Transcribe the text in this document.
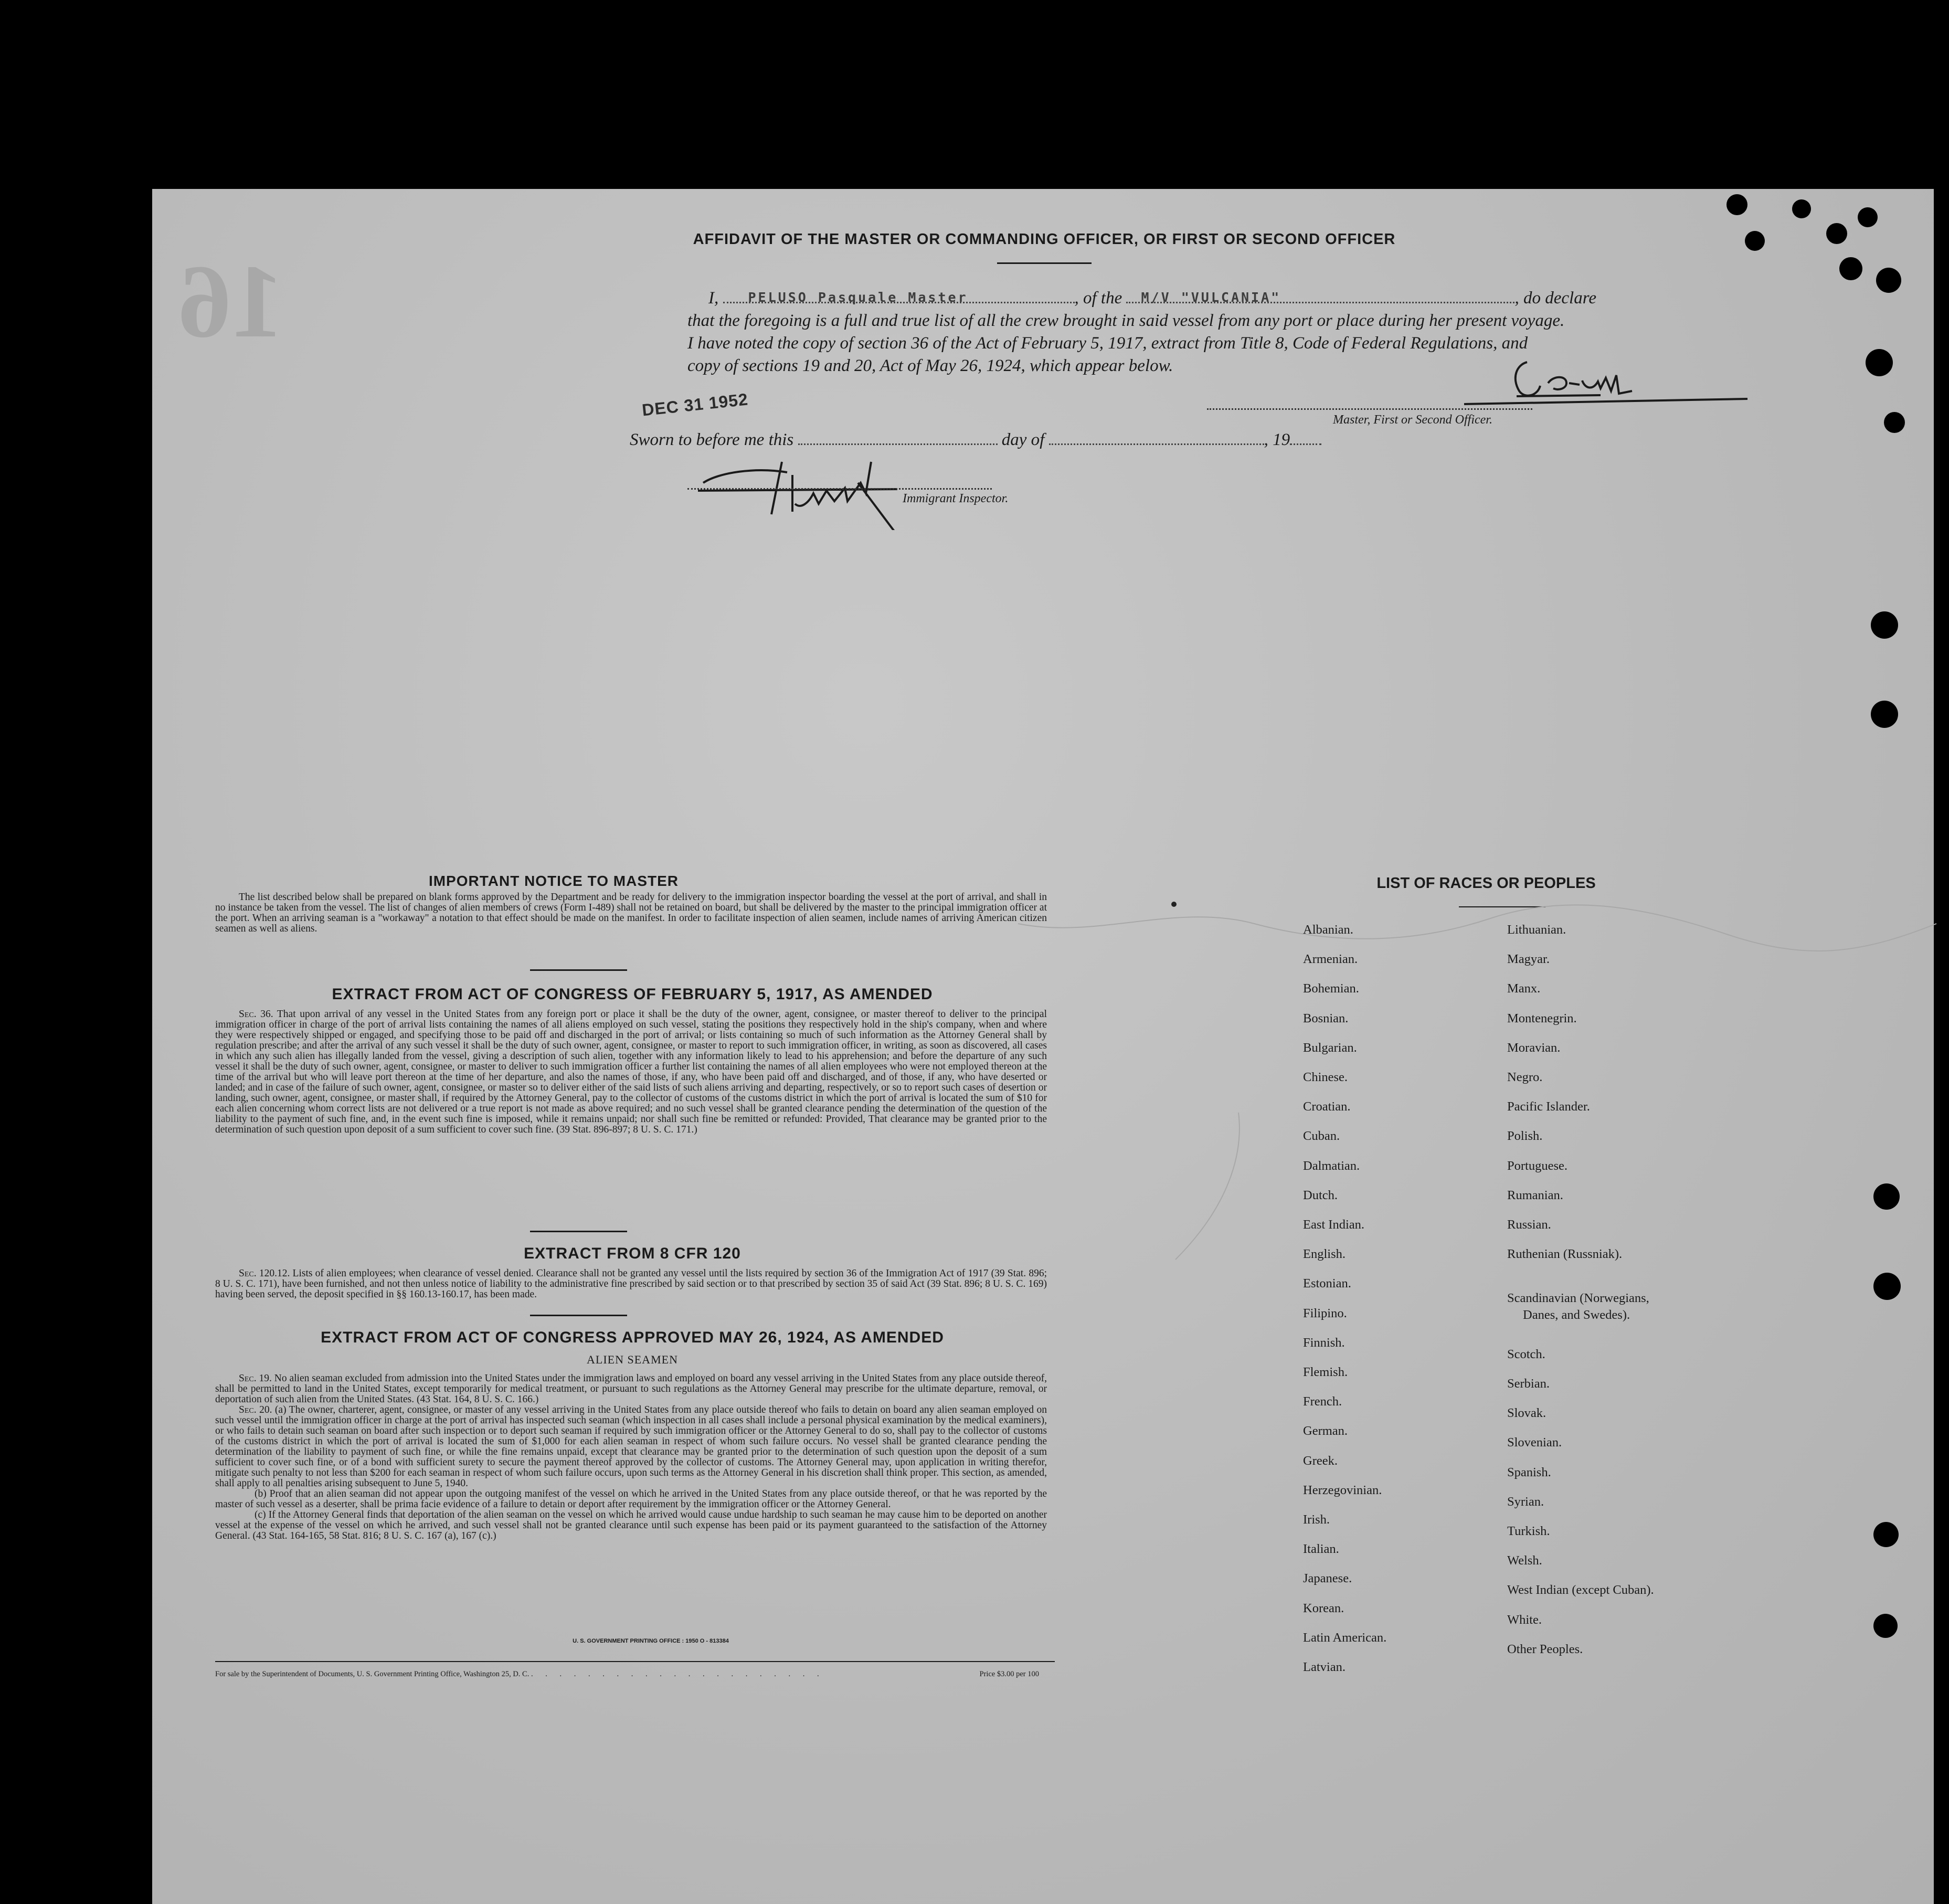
16
AFFIDAVIT OF THE MASTER OR COMMANDING OFFICER, OR FIRST OR SECOND OFFICER
I,	PELUSO Pasquale Master	, of the	M/V "VULCANIA"	, do declare
that the foregoing is a full and true list of all the crew brought in said vessel from any port or place during her present voyage.
I have noted the copy of section 36 of the Act of February 5, 1917, extract from Title 8, Code of Federal Regulations, and
copy of sections 19 and 20, Act of May 26, 1924, which appear below.
DEC 31 1952
Master, First or Second Officer.
Sworn to before me this	day of	, 19
Immigrant Inspector.
IMPORTANT NOTICE TO MASTER
The list described below shall be prepared on blank forms approved by the Department and be ready for delivery to the immigration inspector boarding the vessel at the port of arrival, and shall in no instance be taken from the vessel. The list of changes of alien members of crews (Form I-489) shall not be retained on board, but shall be delivered by the master to the principal immigration officer at the port. When an arriving seaman is a "workaway" a notation to that effect should be made on the manifest. In order to facilitate inspection of alien seamen, include names of arriving American citizen seamen as well as aliens.
EXTRACT FROM ACT OF CONGRESS OF FEBRUARY 5, 1917, AS AMENDED
Sec. 36. That upon arrival of any vessel in the United States from any foreign port or place it shall be the duty of the owner, agent, consignee, or master thereof to deliver to the principal immigration officer in charge of the port of arrival lists containing the names of all aliens employed on such vessel, stating the positions they respectively hold in the ship's company, when and where they were respectively shipped or engaged, and specifying those to be paid off and discharged in the port of arrival; or lists containing so much of such information as the Attorney General shall by regulation prescribe; and after the arrival of any such vessel it shall be the duty of such owner, agent, consignee, or master to report to such immigration officer, in writing, as soon as discovered, all cases in which any such alien has illegally landed from the vessel, giving a description of such alien, together with any information likely to lead to his apprehension; and before the departure of any such vessel it shall be the duty of such owner, agent, consignee, or master to deliver to such immigration officer a further list containing the names of all alien employees who were not employed thereon at the time of the arrival but who will leave port thereon at the time of her departure, and also the names of those, if any, who have been paid off and discharged, and of those, if any, who have deserted or landed; and in case of the failure of such owner, agent, consignee, or master so to deliver either of the said lists of such aliens arriving and departing, respectively, or so to report such cases of desertion or landing, such owner, agent, consignee, or master shall, if required by the Attorney General, pay to the collector of customs of the customs district in which the port of arrival is located the sum of $10 for each alien concerning whom correct lists are not delivered or a true report is not made as above required; and no such vessel shall be granted clearance pending the determination of the question of the liability to the payment of such fine, and, in the event such fine is imposed, while it remains unpaid; nor shall such fine be remitted or refunded: Provided, That clearance may be granted prior to the determination of such question upon deposit of a sum sufficient to cover such fine. (39 Stat. 896-897; 8 U. S. C. 171.)
EXTRACT FROM 8 CFR 120
Sec. 120.12. Lists of alien employees; when clearance of vessel denied. Clearance shall not be granted any vessel until the lists required by section 36 of the Immigration Act of 1917 (39 Stat. 896; 8 U. S. C. 171), have been furnished, and not then unless notice of liability to the administrative fine prescribed by said section or to that prescribed by section 35 of said Act (39 Stat. 896; 8 U. S. C. 169) having been served, the deposit specified in §§ 160.13-160.17, has been made.
EXTRACT FROM ACT OF CONGRESS APPROVED MAY 26, 1924, AS AMENDED
ALIEN SEAMEN
Sec. 19. No alien seaman excluded from admission into the United States under the immigration laws and employed on board any vessel arriving in the United States from any place outside thereof, shall be permitted to land in the United States, except temporarily for medical treatment, or pursuant to such regulations as the Attorney General may prescribe for the ultimate departure, removal, or deportation of such alien from the United States. (43 Stat. 164, 8 U. S. C. 166.)
Sec. 20. (a) The owner, charterer, agent, consignee, or master of any vessel arriving in the United States from any place outside thereof who fails to detain on board any alien seaman employed on such vessel until the immigration officer in charge at the port of arrival has inspected such seaman (which inspection in all cases shall include a personal physical examination by the medical examiners), or who fails to detain such seaman on board after such inspection or to deport such seaman if required by such immigration officer or the Attorney General to do so, shall pay to the collector of customs of the customs district in which the port of arrival is located the sum of $1,000 for each alien seaman in respect of whom such failure occurs. No vessel shall be granted clearance pending the determination of the liability to payment of such fine, or while the fine remains unpaid, except that clearance may be granted prior to the determination of such question upon the deposit of a sum sufficient to cover such fine, or of a bond with sufficient surety to secure the payment thereof approved by the collector of customs. The Attorney General may, upon application in writing therefor, mitigate such penalty to not less than $200 for each seaman in respect of whom such failure occurs, upon such terms as the Attorney General in his discretion shall think proper. This section, as amended, shall apply to all penalties arising subsequent to June 5, 1940.
(b) Proof that an alien seaman did not appear upon the outgoing manifest of the vessel on which he arrived in the United States from any place outside thereof, or that he was reported by the master of such vessel as a deserter, shall be prima facie evidence of a failure to detain or deport after requirement by the immigration officer or the Attorney General.
(c) If the Attorney General finds that deportation of the alien seaman on the vessel on which he arrived would cause undue hardship to such seaman he may cause him to be deported on another vessel at the expense of the vessel on which he arrived, and such vessel shall not be granted clearance until such expense has been paid or its payment guaranteed to the satisfaction of the Attorney General. (43 Stat. 164-165, 58 Stat. 816; 8 U. S. C. 167 (a), 167 (c).)
U. S. GOVERNMENT PRINTING OFFICE : 1950 O - 813384
For sale by the Superintendent of Documents, U. S. Government Printing Office, Washington 25, D. C. . . . . . . . . . . . . . . . . . . . . .	Price $3.00 per 100
LIST OF RACES OR PEOPLES
Albanian.
Armenian.
Bohemian.
Bosnian.
Bulgarian.
Chinese.
Croatian.
Cuban.
Dalmatian.
Dutch.
East Indian.
English.
Estonian.
Filipino.
Finnish.
Flemish.
French.
German.
Greek.
Herzegovinian.
Irish.
Italian.
Japanese.
Korean.
Latin American.
Latvian.
Lithuanian.
Magyar.
Manx.
Montenegrin.
Moravian.
Negro.
Pacific Islander.
Polish.
Portuguese.
Rumanian.
Russian.
Ruthenian (Russniak).
Scandinavian (Norwegians,
Danes, and Swedes).
Scotch.
Serbian.
Slovak.
Slovenian.
Spanish.
Syrian.
Turkish.
Welsh.
West Indian (except Cuban).
White.
Other Peoples.
